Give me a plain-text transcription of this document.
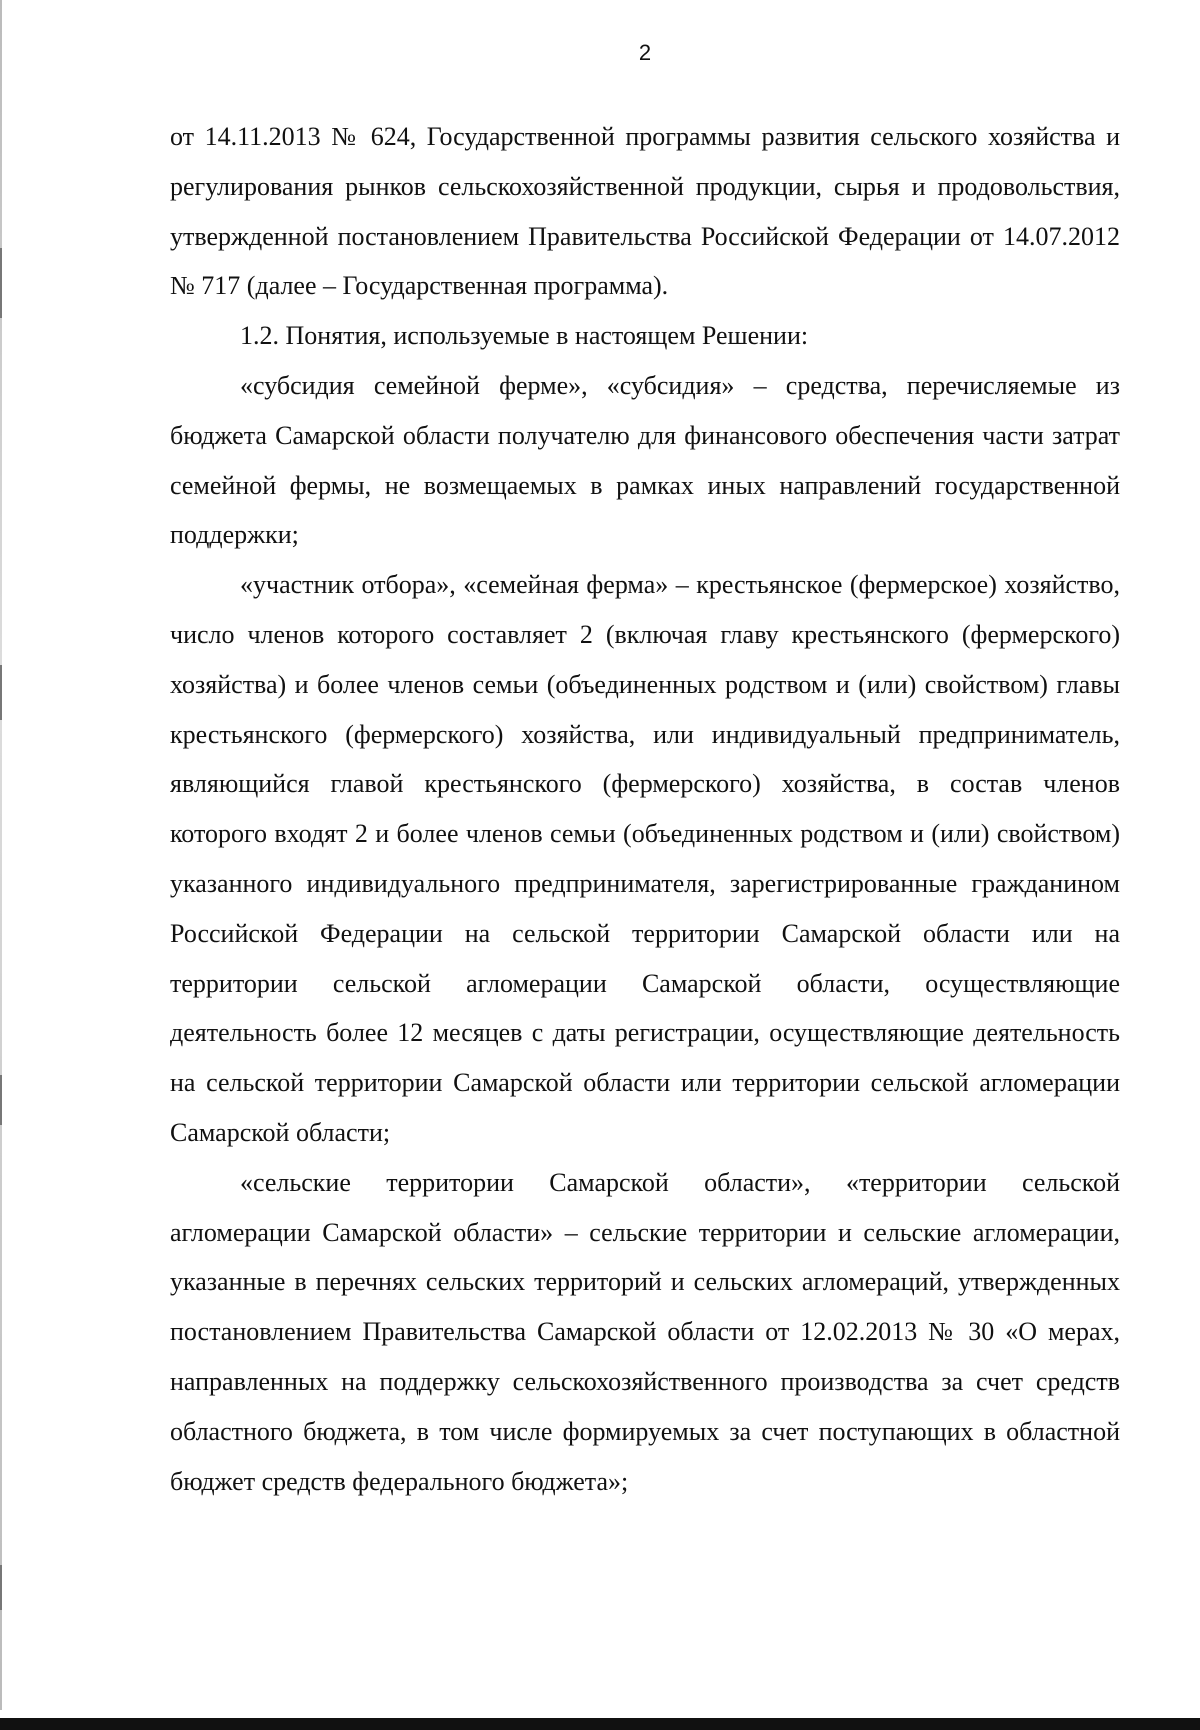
2

от 14.11.2013 № 624, Государственной программы развития сельского хозяйства и регулирования рынков сельскохозяйственной продукции, сырья и продовольствия, утвержденной постановлением Правительства Российской Федерации от 14.07.2012 № 717 (далее – Государственная программа).

1.2. Понятия, используемые в настоящем Решении:

«субсидия семейной ферме», «субсидия» – средства, перечисляемые из бюджета Самарской области получателю для финансового обеспечения части затрат семейной фермы, не возмещаемых в рамках иных направлений государственной поддержки;

«участник отбора», «семейная ферма» – крестьянское (фермерское) хозяйство, число членов которого составляет 2 (включая главу крестьянского (фермерского) хозяйства) и более членов семьи (объединенных родством и (или) свойством) главы крестьянского (фермерского) хозяйства, или индивидуальный предприниматель, являющийся главой крестьянского (фермерского) хозяйства, в состав членов которого входят 2 и более членов семьи (объединенных родством и (или) свойством) указанного индивидуального предпринимателя, зарегистрированные гражданином Российской Федерации на сельской территории Самарской области или на территории сельской агломерации Самарской области, осуществляющие деятельность более 12 месяцев с даты регистрации, осуществляющие деятельность на сельской территории Самарской области или территории сельской агломерации Самарской области;

«сельские территории Самарской области», «территории сельской агломерации Самарской области» – сельские территории и сельские агломерации, указанные в перечнях сельских территорий и сельских агломераций, утвержденных постановлением Правительства Самарской области от 12.02.2013 № 30 «О мерах, направленных на поддержку сельскохозяйственного производства за счет средств областного бюджета, в том числе формируемых за счет поступающих в областной бюджет средств федерального бюджета»;
